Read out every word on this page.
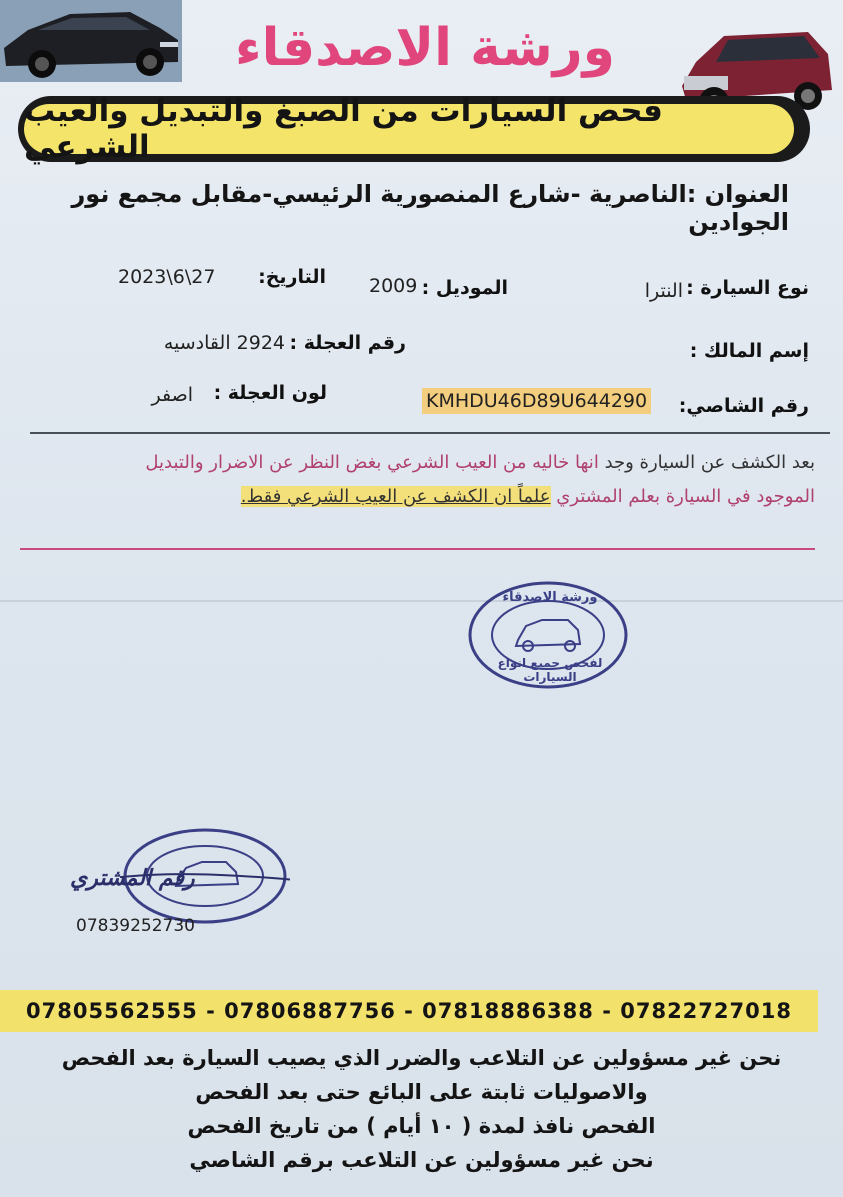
ورشة الاصدقاء
فحص السيارات من الصبغ والتبديل والعيب الشرعي
العنوان :الناصرية -شارع المنصورية الرئيسي-مقابل مجمع نور الجوادين
نوع السيارة :
النترا
الموديل :
2009
التاريخ:
2023\6\27
إسم المالك :
رقم العجلة :
2924 القادسيه
رقم الشاصي:
KMHDU46D89U644290
لون العجلة :
اصفر
بعد الكشف عن السيارة وجد انها خاليه من العيب الشرعي بغض النظر عن الاضرار والتبديل
الموجود في السيارة بعلم المشتري علماً ان الكشف عن العيب الشرعي فقط.
ورشة الاصدقاء
لفحص جميع انواع السيارات
رقم المشتري
07839252730
07805562555 - 07806887756 - 07818886388 - 07822727018
نحن غير مسؤولين عن التلاعب والضرر الذي يصيب السيارة بعد الفحص
والاصوليات ثابتة على البائع حتى بعد الفحص
الفحص نافذ لمدة ( ١٠ أيام ) من تاريخ الفحص
نحن غير مسؤولين عن التلاعب برقم الشاصي
